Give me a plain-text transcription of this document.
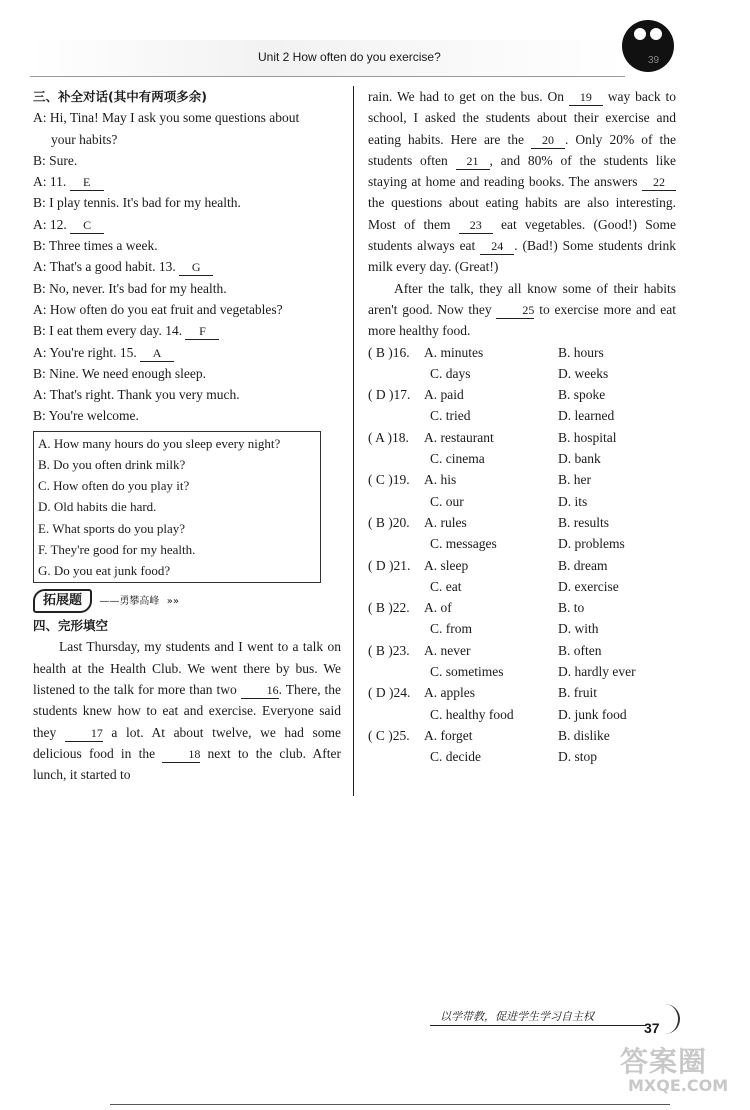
Unit 2 How often do you exercise?	39
三、补全对话(其中有两项多余)
A: Hi, Tina! May I ask you some questions about
your habits?
B: Sure.
A: 11. E
B: I play tennis. It's bad for my health.
A: 12. C
B: Three times a week.
A: That's a good habit. 13. G
B: No, never. It's bad for my health.
A: How often do you eat fruit and vegetables?
B: I eat them every day. 14. F
A: You're right. 15. A
B: Nine. We need enough sleep.
A: That's right. Thank you very much.
B: You're welcome.
A. How many hours do you sleep every night?
B. Do you often drink milk?
C. How often do you play it?
D. Old habits die hard.
E. What sports do you play?
F. They're good for my health.
G. Do you eat junk food?
拓展题 ——勇攀高峰 »»
四、完形填空
Last Thursday, my students and I went to a talk on health at the Health Club. We went there by bus. We listened to the talk for more than two 16. There, the students knew how to eat and exercise. Everyone said they 17 a lot. At about twelve, we had some delicious food in the 18 next to the club. After lunch, it started to
rain. We had to get on the bus. On 19 way back to school, I asked the students about their exercise and eating habits. Here are the 20 . Only 20% of the students often 21 , and 80% of the students like staying at home and reading books. The answers 22 the questions about eating habits are also interesting. Most of them 23 eat vegetables. (Good!) Some students always eat 24 . (Bad!) Some students drink milk every day. (Great!)
After the talk, they all know some of their habits aren't good. Now they 25 to exercise more and eat more healthy food.
( B )16.	A. minutes	B. hours
C. days	D. weeks
( D )17.	A. paid	B. spoke
C. tried	D. learned
( A )18.	A. restaurant	B. hospital
C. cinema	D. bank
( C )19.	A. his	B. her
C. our	D. its
( B )20.	A. rules	B. results
C. messages	D. problems
( D )21.	A. sleep	B. dream
C. eat	D. exercise
( B )22.	A. of	B. to
C. from	D. with
( B )23.	A. never	B. often
C. sometimes	D. hardly ever
( D )24.	A. apples	B. fruit
C. healthy food	D. junk food
( C )25.	A. forget	B. dislike
C. decide	D. stop
以学带教，促进学生学习自主权
37
答案圈
MXQE.COM
